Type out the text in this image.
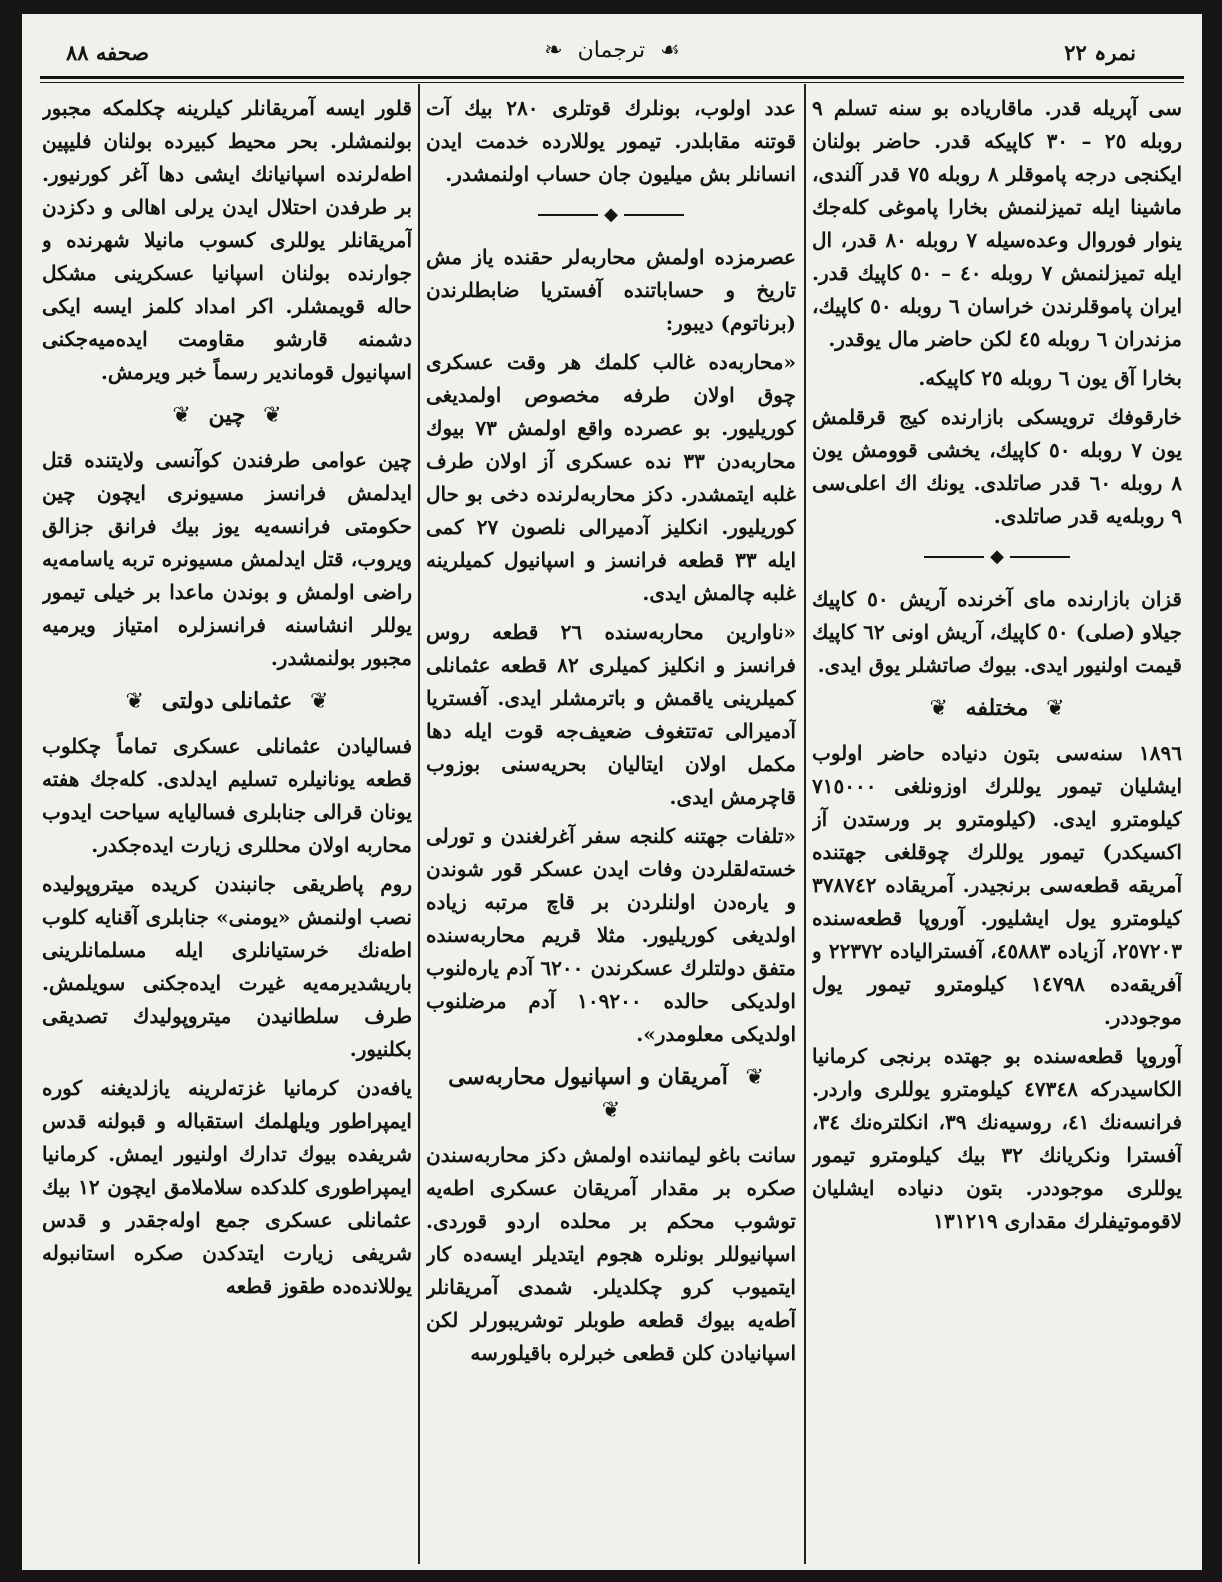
صحفه ٨٨	☙ ترجمان ❧	نمرہ ٢٢

سی آپریله قدر. ماقارياده بو سنه تسلم ٩ روبله ٢٥ – ٣٠ كاپيكه قدر. حاضر بولنان ايكنجی درجه پاموقلر ٨ روبله ٧٥ قدر آلندی، ماشينا ايله تميزلنمش بخارا پاموغی كله‌جك ينوار فوروال وعده‌سيله ٧ روبله ٨٠ قدر، ال ايله تميزلنمش ٧ روبله ٤٠ – ٥٠ كاپيك قدر. ايران پاموقلرندن خراسان ٦ روبله ٥٠ كاپيك، مزندران ٦ روبله ٤٥ لكن حاضر مال يوقدر.

بخارا آق يون ٦ روبله ٢٥ كاپيكه.

خارقوفك ترويسكی بازارنده كيج قرقلمش يون ٧ روبله ٥٠ كاپيك، يخشی قوومش يون ٨ روبله ٦٠ قدر صاتلدی. يونك اك اعلی‌سی ٩ روبله‌يه قدر صاتلدی.

◆

قزان بازارنده مای آخرنده آريش ٥٠ كاپيك جيلاو (صلی) ٥٠ كاپيك، آريش اونی ٦٢ كاپيك قيمت اولنيور ايدی. بيوك صاتشلر يوق ايدی.

❦ مختلفه ❦

١٨٩٦ سنه‌سی بتون دنياده حاضر اولوب ايشليان تيمور يوللرك اوزونلغی ٧١٥٠٠٠ كيلومترو ايدی. (كيلومترو بر ورستدن آز اكسيكدر) تيمور يوللرك چوقلغی جهتنده آمريقه قطعه‌سی برنجيدر. آمريقاده ٣٧٨٧٤٢ كيلومترو يول ايشليور. آوروپا قطعه‌سنده ٢٥٧٢٠٣، آزياده ٤٥٨٨٣، آفستراليا‌ده ٢٢٣٧٢ و آفريقه‌ده ١٤٧٩٨ كيلومترو تيمور يول موجوددر.

آوروپا قطعه‌سنده بو جهتده برنجی كرمانيا الكاسيدركه ٤٧٣٤٨ كيلومترو يوللری واردر. فرانسه‌نك ٤١، روسيه‌نك ٣٩، انكلتره‌نك ٣٤، آفسترا ونكريانك ٣٢ بيك كيلومترو تيمور يوللری موجوددر. بتون دنياده ايشليان لاقوموتيفلرك مقداری ١٣١٢١٩

عدد اولوب، بونلرك قوتلری ٢٨٠ بيك آت قوتنه مقابلدر. تيمور يوللارده خدمت ايدن انسانلر بش ميليون جان حساب اولنمشدر.

◆

عصرمزده اولمش محاربه‌لر حقنده ياز مش تاريخ و حساباتنده آفستريا ضابطلرندن (برناتوم) ديبور:

«محاربه‌ده غالب كلمك هر وقت عسكری چوق اولان طرفه مخصوص اولمديغی كوريليور. بو عصرده واقع اولمش ٧٣ بيوك محاربه‌دن ٣٣ نده عسكری آز اولان طرف غلبه ايتمشدر. دكز محاربه‌لرنده دخی بو حال كوريليور. انكليز آدميرالی نلصون ٢٧ كمی ايله ٣٣ قطعه فرانسز و اسپانيول كميلرينه غلبه چالمش ايدی.

«ناوارين محاربه‌سنده ٢٦ قطعه روس فرانسز و انكليز كميلری ٨٢ قطعه عثمانلی كميلرينی ياقمش و باترمشلر ايدی. آفستريا آدميرالی تەتتغوف ضعيف‌جه قوت ايله دها مكمل اولان ايتاليان بحريه‌سنی بوزوب قاچرمش ايدی.

«تلفات جهتنه كلنجه سفر آغرلغندن و تورلی خسته‌لقلردن وفات ايدن عسكر قور شوندن و ياره‌دن اولنلردن بر قاچ مرتبه زياده اولديغی كوريليور. مثلا قريم محاربه‌سنده متفق دولتلرك عسكرندن ٦٢٠٠ آدم ياره‌لنوب اولديكی حالده ١٠٩٢٠٠ آدم مرضلنوب اولديكی معلومدر».

❦ آمريقان و اسپانيول محاربه‌سی ❦

سانت باغو ليماننده اولمش دكز محاربه‌سندن صكره بر مقدار آمريقان عسكری اطه‌يه توشوب محكم بر محلده اردو قوردی. اسپانيوللر بونلره هجوم ايتديلر ايسه‌ده كار ايتميوب كرو چكلديلر. شمدی آمريقانلر آطه‌يه بيوك قطعه طوبلر توشريبورلر لكن اسپانيادن كلن قطعی خبرلره باقيلورسه

قلور ايسه آمريقانلر كيلرينه چكلمكه مجبور بولنمشلر. بحر محيط كبيرده بولنان فليپين اطه‌لرنده اسپانيانك ايشی دها آغر كورنيور. بر طرفدن احتلال ايدن يرلی اهالی و دكزدن آمريقانلر يوللری كسوب مانيلا شهرنده و جوارنده بولنان اسپانيا عسكرينی مشكل حاله قويمشلر. اكر امداد كلمز ايسه ايكی دشمنه قارشو مقاومت ايده‌ميه‌جكنی اسپانيول قوماندير رسماً خبر ويرمش.

❦ چين ❦

چين عوامی طرفندن كوآنسی ولايتنده قتل ايدلمش فرانسز مسيونری ايچون چين حكومتی فرانسه‌يه يوز بيك فرانق جزالق ويروب، قتل ايدلمش مسيونره تربه ياسامه‌يه راضی اولمش و بوندن ماعدا بر خيلی تيمور يوللر انشاسنه فرانسزلره امتياز ويرميه مجبور بولنمشدر.

❦ عثمانلی دولتی ❦

فساليادن عثمانلی عسكری تماماً چكلوب قطعه يونانيلره تسليم ايدلدی. كله‌جك هفته يونان قرالی جنابلری فساليايه سياحت ايدوب محاربه اولان محللری زيارت ايده‌جكدر.

روم پاطريقی جانبندن كريده ميتروپوليده نصب اولنمش «يومنی» جنابلری آقنايه كلوب اطه‌نك خرستيانلری ايله مسلمانلرينی باريشديرمه‌يه غيرت ايده‌جكنی سويلمش. طرف سلطانيدن ميتروپوليدك تصديقی بكلنيور.

يافه‌دن كرمانيا غزته‌لرينه يازلديغنه كوره ايمپراطور ويلهلمك استقباله و قبولنه قدس شريفده بيوك تدارك اولنيور ايمش. كرمانيا ايمپراطوری كلدكده سلاملامق ايچون ١٢ بيك عثمانلی عسكری جمع اوله‌جقدر و قدس شريفی زيارت ايتدكدن صكره استانبوله يوللانده‌ده طقوز قطعه
